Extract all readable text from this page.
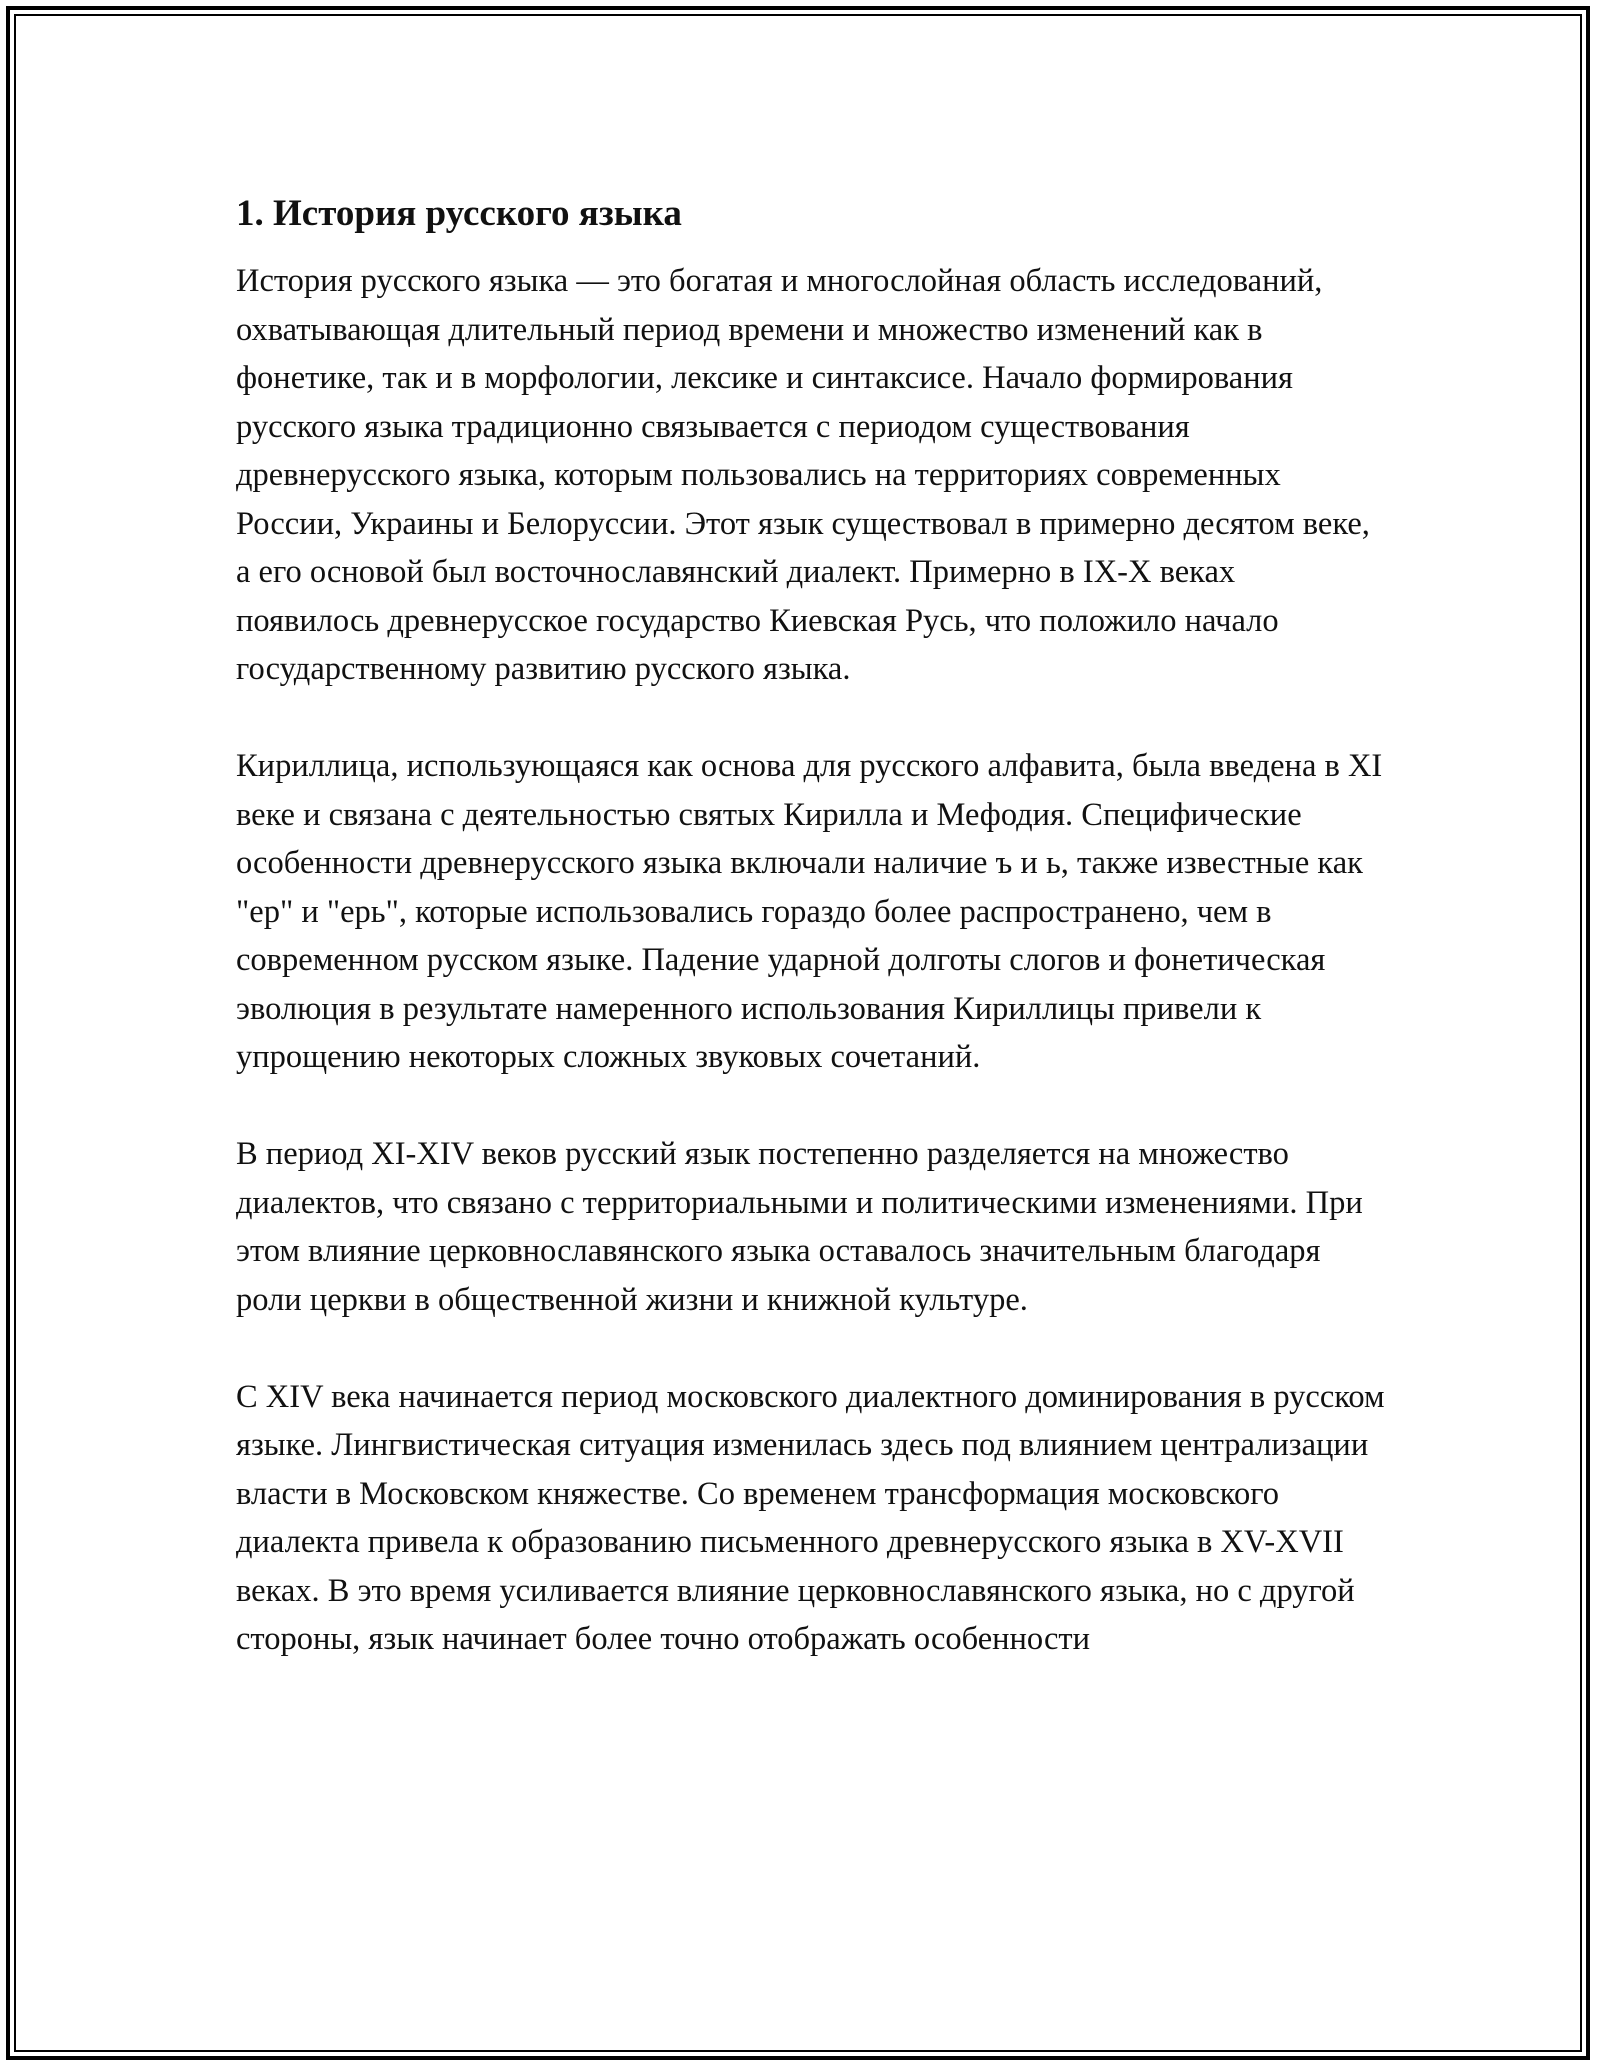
1. История русского языка

История русского языка — это богатая и многослойная область исследований, охватывающая длительный период времени и множество изменений как в фонетике, так и в морфологии, лексике и синтаксисе. Начало формирования русского языка традиционно связывается с периодом существования древнерусского языка, которым пользовались на территориях современных России, Украины и Белоруссии. Этот язык существовал в примерно десятом веке, а его основой был восточнославянский диалект. Примерно в IX-X веках появилось древнерусское государство Киевская Русь, что положило начало государственному развитию русского языка.

Кириллица, использующаяся как основа для русского алфавита, была введена в XI веке и связана с деятельностью святых Кирилла и Мефодия. Специфические особенности древнерусского языка включали наличие ъ и ь, также известные как "ер" и "ерь", которые использовались гораздо более распространено, чем в современном русском языке. Падение ударной долготы слогов и фонетическая эволюция в результате намеренного использования Кириллицы привели к упрощению некоторых сложных звуковых сочетаний.

В период XI-XIV веков русский язык постепенно разделяется на множество диалектов, что связано с территориальными и политическими изменениями. При этом влияние церковнославянского языка оставалось значительным благодаря роли церкви в общественной жизни и книжной культуре.

С XIV века начинается период московского диалектного доминирования в русском языке. Лингвистическая ситуация изменилась здесь под влиянием централизации власти в Московском княжестве. Со временем трансформация московского диалекта привела к образованию письменного древнерусского языка в XV-XVII веках. В это время усиливается влияние церковнославянского языка, но с другой стороны, язык начинает более точно отображать особенности
